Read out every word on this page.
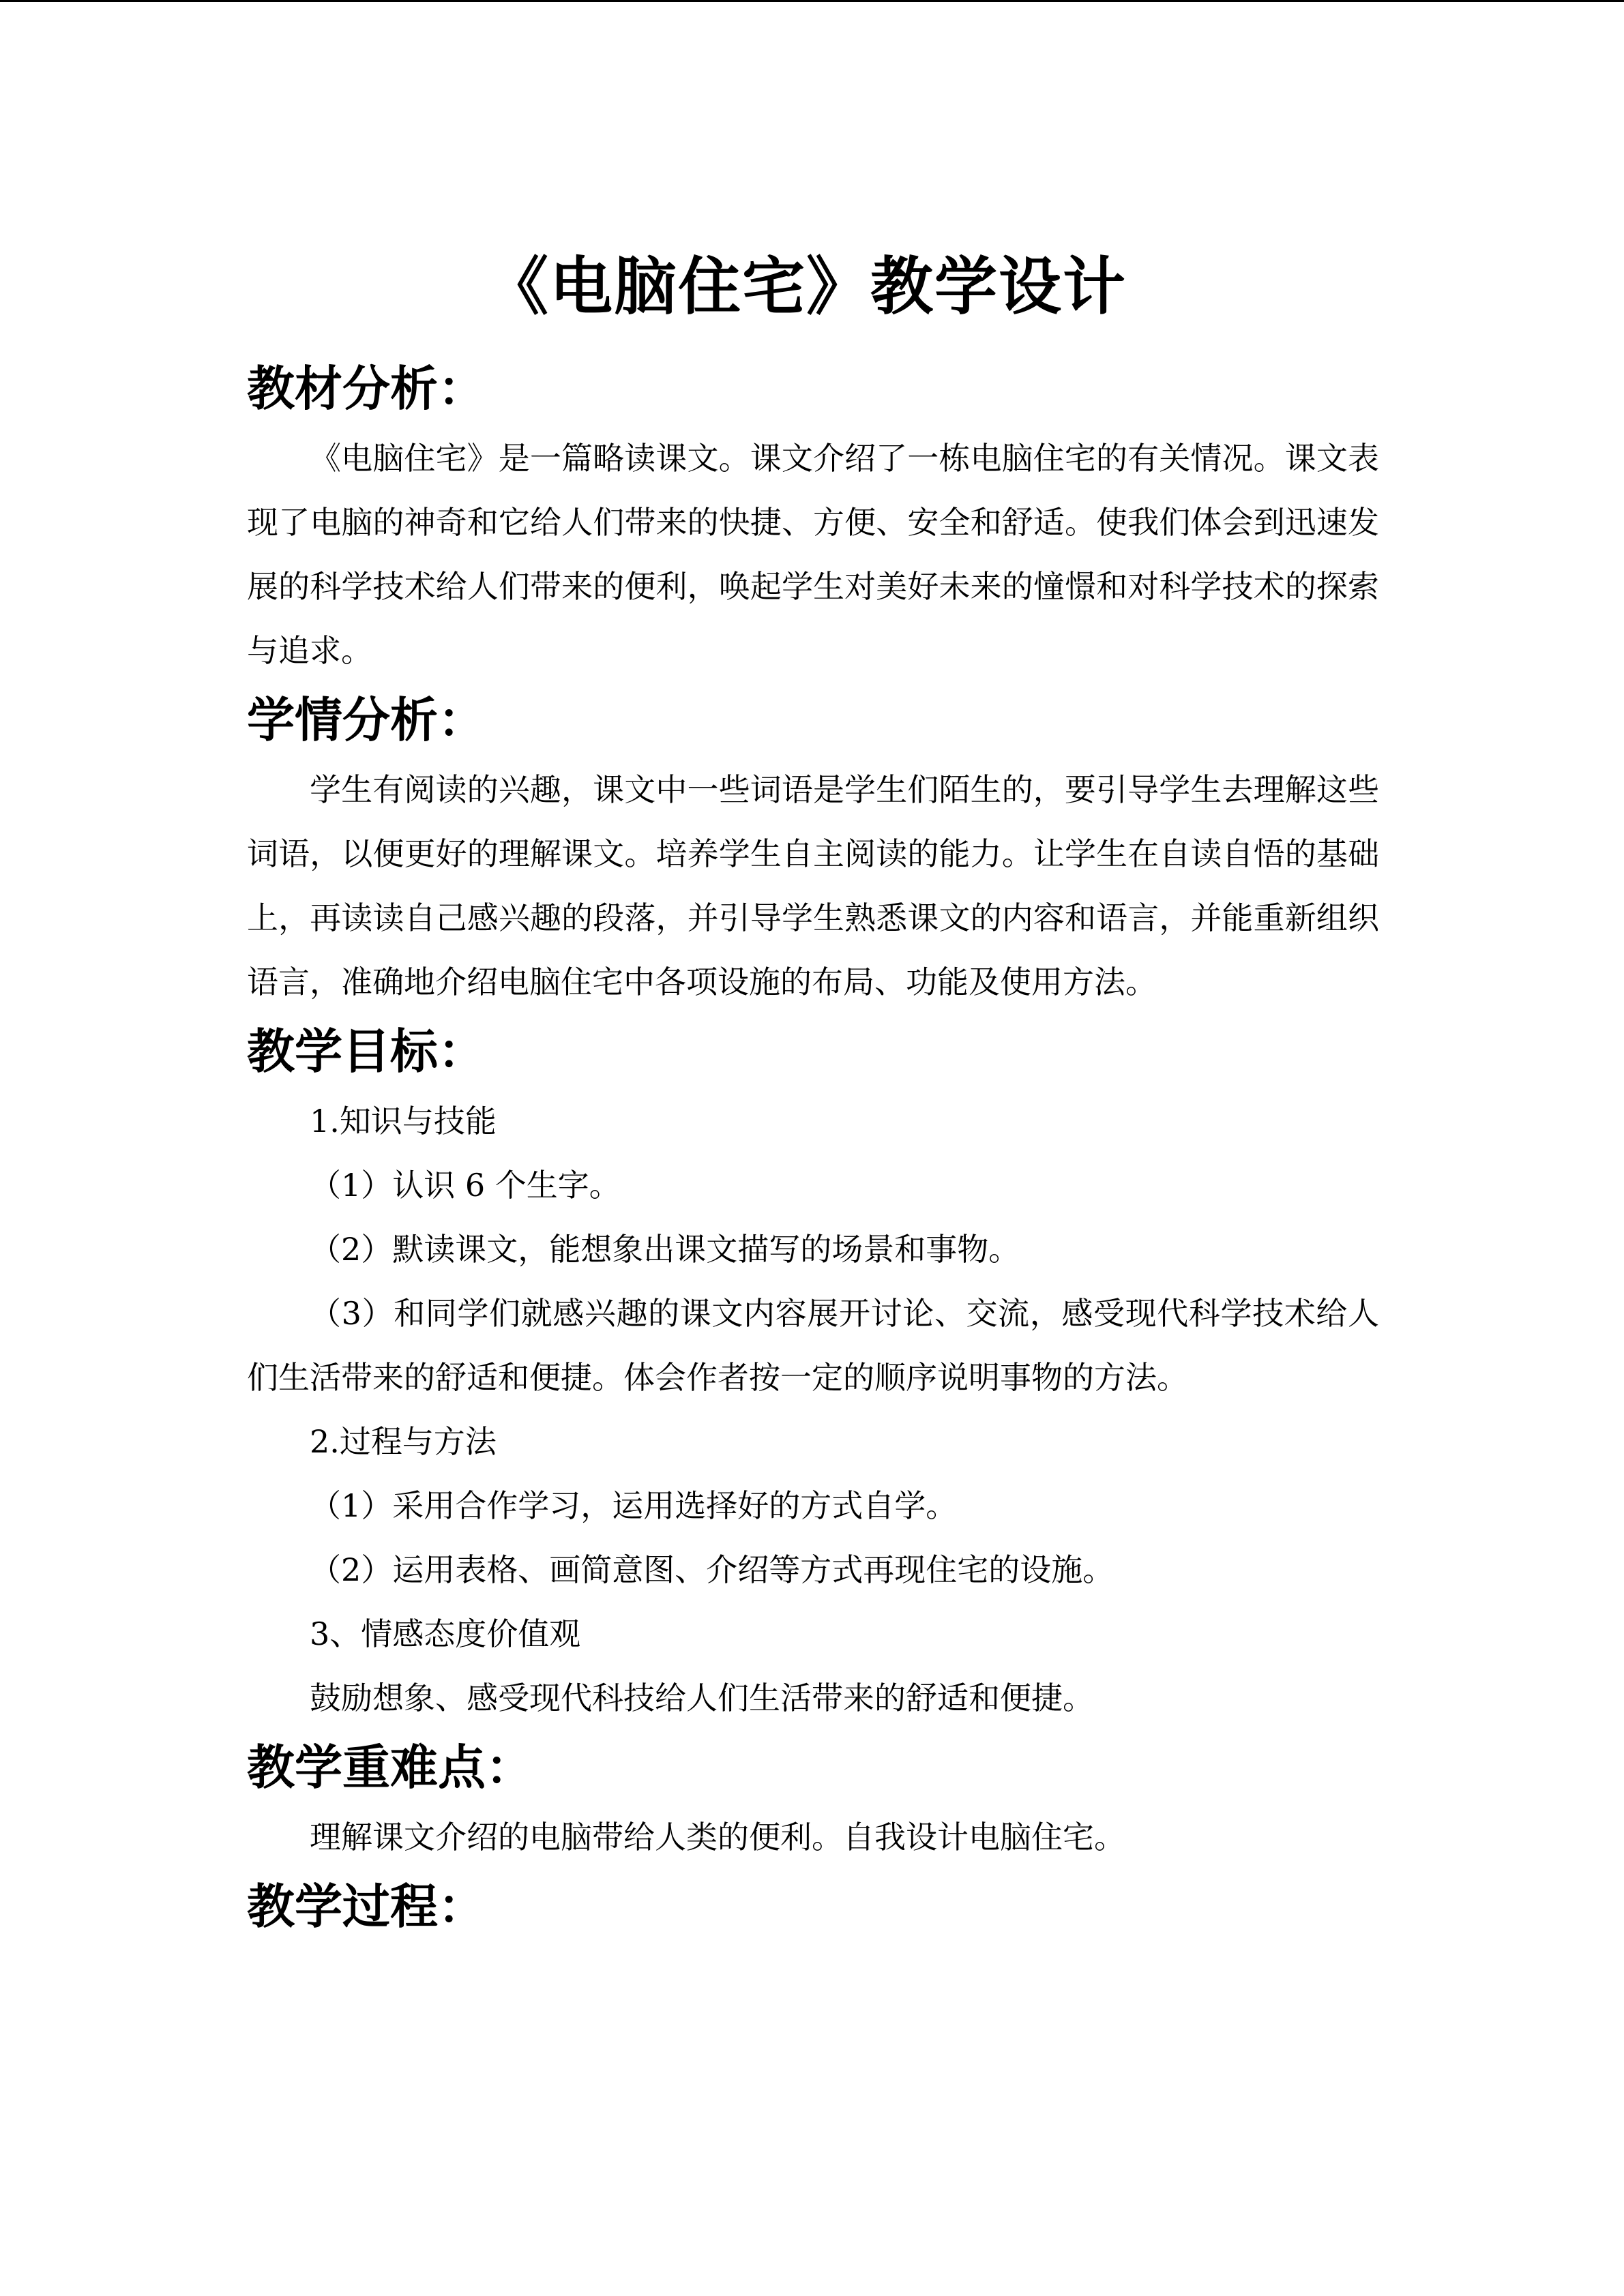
《电脑住宅》教学设计
教材分析：

《电脑住宅》是一篇略读课文。课文介绍了一栋电脑住宅的有关情况。课文表现了电脑的神奇和它给人们带来的快捷、方便、安全和舒适。使我们体会到迅速发展的科学技术给人们带来的便利，唤起学生对美好未来的憧憬和对科学技术的探索与追求。

学情分析：

学生有阅读的兴趣，课文中一些词语是学生们陌生的，要引导学生去理解这些词语，以便更好的理解课文。培养学生自主阅读的能力。让学生在自读自悟的基础上，再读读自己感兴趣的段落，并引导学生熟悉课文的内容和语言，并能重新组织语言，准确地介绍电脑住宅中各项设施的布局、功能及使用方法。

教学目标：

1.知识与技能

（1）认识 6 个生字。

（2）默读课文，能想象出课文描写的场景和事物。

（3）和同学们就感兴趣的课文内容展开讨论、交流，感受现代科学技术给人们生活带来的舒适和便捷。体会作者按一定的顺序说明事物的方法。

2.过程与方法

（1）采用合作学习，运用选择好的方式自学。

（2）运用表格、画简意图、介绍等方式再现住宅的设施。

3、情感态度价值观

鼓励想象、感受现代科技给人们生活带来的舒适和便捷。

教学重难点：

理解课文介绍的电脑带给人类的便利。自我设计电脑住宅。

教学过程：
